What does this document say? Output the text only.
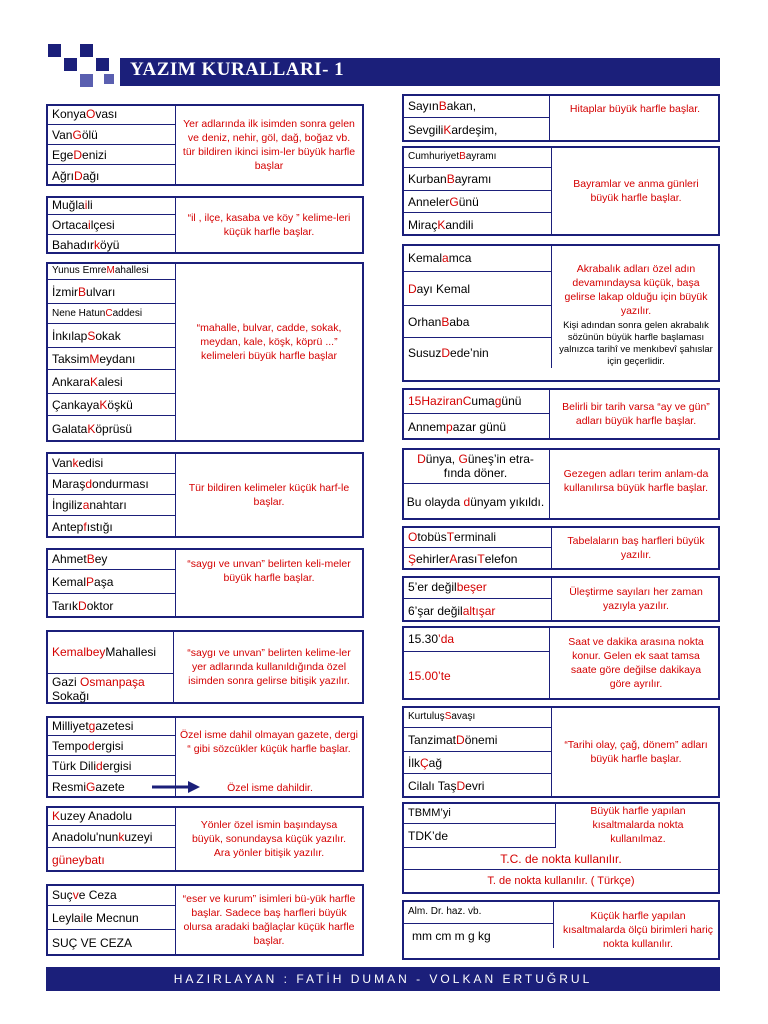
YAZIM KURALLARI- 1
Konya O vası
Van G ölü
Ege D enizi
Ağrı D ağı
Yer adlarında ilk isimden sonra gelen ve deniz, nehir, göl, dağ, boğaz vb. tür bildiren ikinci isim-ler büyük harfle başlar
Muğla i li
Ortaca i lçesi
Bahadır k öyü
“il , ilçe, kasaba ve köy ” kelime-leri küçük harfle başlar.
Yunus Emre M ahallesi
İzmir B ulvarı
Nene Hatun C addesi
İnkılap S okak
Taksim M eydanı
Ankara K alesi
Çankaya K öşkü
Galata K öprüsü
“mahalle, bulvar, cadde, sokak, meydan, kale, köşk, köprü ...” kelimeleri büyük harfle başlar
Van k edisi
Maraş d ondurması
İngiliz a nahtarı
Antep f ıstığı
Tür bildiren kelimeler küçük harf-le başlar.
Ahmet B ey
Kemal P aşa
Tarık D oktor
“saygı ve unvan” belirten keli-meler büyük harfle başlar.
Kemalbey Mahallesi
Gazi Osmanpaşa Sokağı
“saygı ve unvan” belirten kelime-ler yer adlarında kullanıldığında özel isimden sonra gelirse bitişik yazılır.
Milliyet g azetesi
Tempo d ergisi
Türk Dili d ergisi
Resmi G azete
Özel isme dahil olmayan gazete, dergi “ gibi sözcükler küçük harfle başlar.
Özel isme dahildir.
K uzey Anadolu
Anadolu'nun k uzeyi
güneybatı
Yönler özel ismin başındaysa büyük, sonundaysa küçük yazılır. Ara yönler bitişik yazılır.
Suç v e Ceza
Leyla i le Mecnun
SUÇ VE CEZA
“eser ve kurum” isimleri bü-yük harfle başlar. Sadece baş harfleri büyük olursa aradaki bağlaçlar küçük harfle başlar.
Sayın B akan,
Sevgili K ardeşim,
Hitaplar büyük harfle başlar.
Cumhuriyet B ayramı
Kurban B ayramı
Anneler G ünü
Miraç K andili
Bayramlar ve anma günleri büyük harfle başlar.
Kemal a mca
D ayı Kemal
Orhan B aba
Susuz D ede’nin
Akrabalık adları özel adın devamındaysa küçük, başa gelirse lakap olduğu için büyük yazılır.
Kişi adından sonra gelen akrabalık sözünün büyük harfle başlaması yalnızca tarihî ve menkıbevî şahıslar için geçerlidir.
15 H aziran C uma g ünü
Annem p azar günü
Belirli bir tarih varsa “ay ve gün” adları büyük harfle başlar.
Dünya, Güneş’in etra-fında döner.
Bu olayda dünyam yıkıldı.
Gezegen adları terim anlam-da kullanılırsa büyük harfle başlar.
O tobüs T erminali
Ş ehirler A rası T elefon
Tabelaların baş harfleri büyük yazılır.
5’er değil beşer
6’şar değil altışar
Üleştirme sayıları her zaman yazıyla yazılır.
15.30 ’da
15.00 ’te
Saat ve dakika arasına nokta konur. Gelen ek saat tamsa saate göre değilse dakikaya göre ayrılır.
Kurtuluş S avaşı
Tanzimat D önemi
İlk Ç ağ
Cilalı Taş D evri
“Tarihi olay, çağ, dönem” adları büyük harfle başlar.
TBMM’yi
TDK’de
Büyük harfle yapılan kısaltmalarda nokta kullanılmaz.
T.C. de nokta kullanılır.
T. de nokta kullanılır. ( Türkçe)
Alm. Dr. haz. vb.
mm cm m g kg
Küçük harfle yapılan kısaltmalarda ölçü birimleri hariç nokta kullanılır.
HAZIRLAYAN : FATİH DUMAN - VOLKAN ERTUĞRUL
